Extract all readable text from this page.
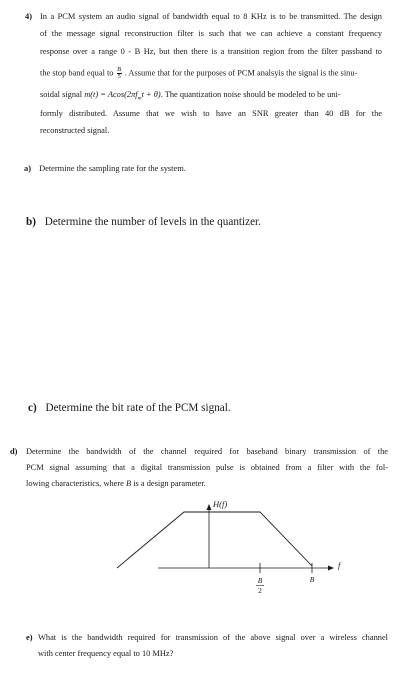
4) In a PCM system an audio signal of bandwidth equal to 8 KHz is to be transmitted. The design
of the message signal reconstruction filter is such that we can achieve a constant frequency
response over a range 0 - B Hz, but then there is a transition region from the filter passband to
the stop band equal to $\frac{B}{5}$ . Assume that for the purposes of PCM analsyis the signal is the sinu-
soidal signal $m(t) = Acos(2\pi f_mt + \theta)$. The quantization noise should be modeled to be uni-
formly distributed. Assume that we wish to have an SNR greater than 40 dB for the
reconstructed signal.
a) Determine the sampling rate for the system.
b) Determine the number of levels in the quantizer.
c) Determine the bit rate of the PCM signal.
d) Determine the bandwidth of the channel required for baseband binary transmission of the
PCM signal assuming that a digital transmission pulse is obtained from a filter with the fol-
lowing characteristics, where B is a design parameter.
H(f)
f
B
2
B
e) What is the bandwidth required for transmission of the above signal over a wireless channel
with center frequency equal to 10 MHz?
